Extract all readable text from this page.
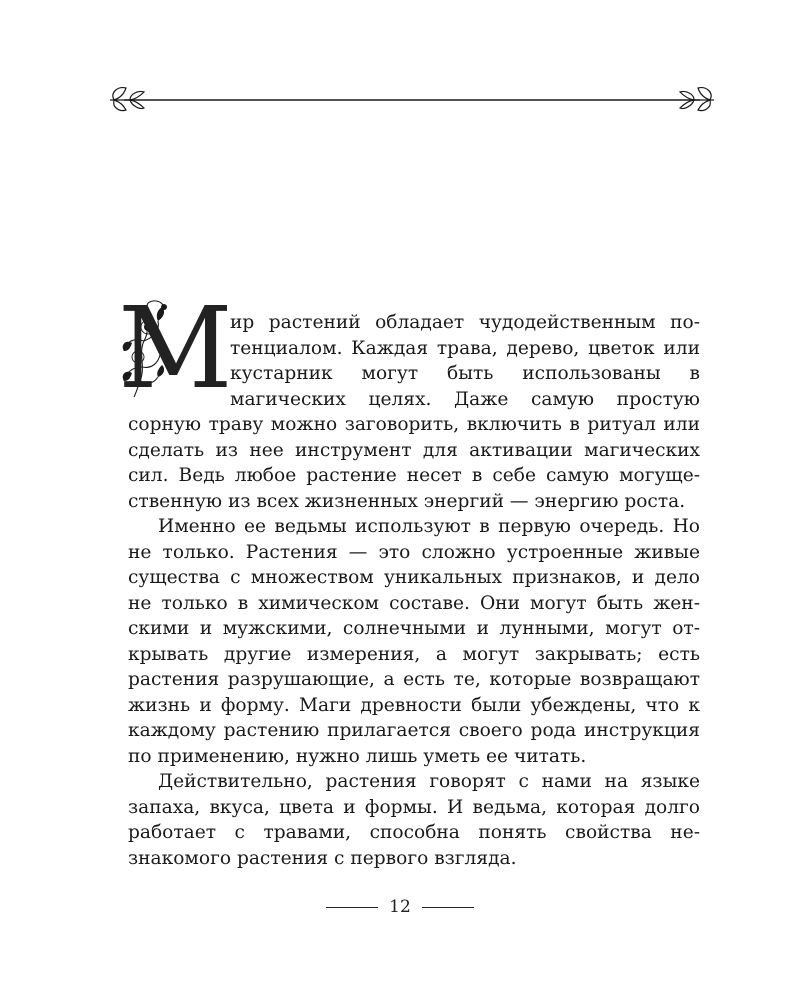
М ир растений обладает чудодейственным потенциалом. Каждая трава, дерево, цветок или кустарник могут быть использованы в магических целях. Даже самую простую сорную траву можно заговорить, включить в ритуал или сделать из нее инструмент для активации магических сил. Ведь любое растение несет в себе самую могущественную из всех жизненных энергий — энергию роста.

Именно ее ведьмы используют в первую очередь. Но не только. Растения — это сложно устроенные живые существа с множеством уникальных признаков, и дело не только в химическом составе. Они могут быть женскими и мужскими, солнечными и лунными, могут открывать другие измерения, а могут закрывать; есть растения разрушающие, а есть те, которые возвращают жизнь и форму. Маги древности были убеждены, что к каждому растению прилагается своего рода инструкция по применению, нужно лишь уметь ее читать.

Действительно, растения говорят с нами на языке запаха, вкуса, цвета и формы. И ведьма, которая долго работает с травами, способна понять свойства незнакомого растения с первого взгляда.

12
